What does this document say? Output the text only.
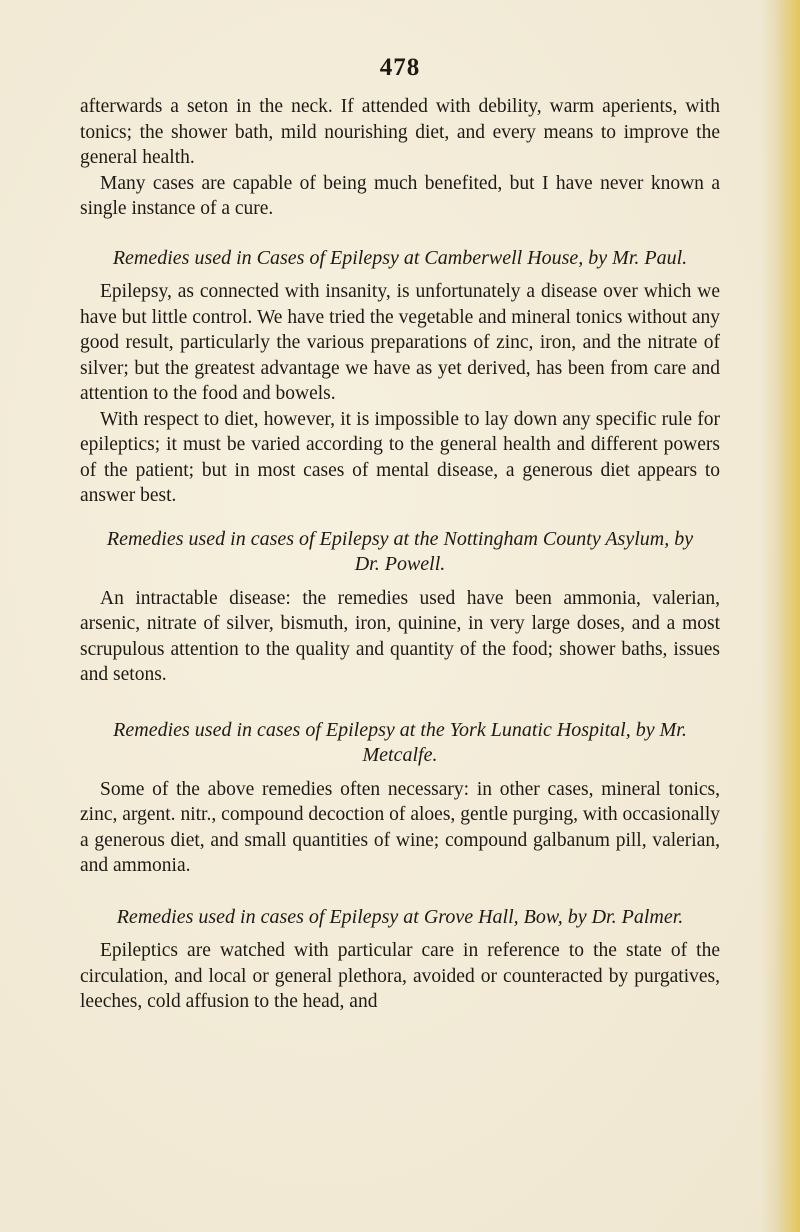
478

afterwards a seton in the neck. If attended with debility, warm aperients, with tonics; the shower bath, mild nourishing diet, and every means to improve the general health.

Many cases are capable of being much benefited, but I have never known a single instance of a cure.

Remedies used in Cases of Epilepsy at Camberwell House, by Mr. Paul.

Epilepsy, as connected with insanity, is unfortunately a disease over which we have but little control. We have tried the vegetable and mineral tonics without any good result, particularly the various preparations of zinc, iron, and the nitrate of silver; but the greatest advantage we have as yet derived, has been from care and attention to the food and bowels.

With respect to diet, however, it is impossible to lay down any specific rule for epileptics; it must be varied according to the general health and different powers of the patient; but in most cases of mental disease, a generous diet appears to answer best.

Remedies used in cases of Epilepsy at the Nottingham County Asylum, by Dr. Powell.

An intractable disease: the remedies used have been ammonia, valerian, arsenic, nitrate of silver, bismuth, iron, quinine, in very large doses, and a most scrupulous attention to the quality and quantity of the food; shower baths, issues and setons.

Remedies used in cases of Epilepsy at the York Lunatic Hospital, by Mr. Metcalfe.

Some of the above remedies often necessary: in other cases, mineral tonics, zinc, argent. nitr., compound decoction of aloes, gentle purging, with occasionally a generous diet, and small quantities of wine; compound galbanum pill, valerian, and ammonia.

Remedies used in cases of Epilepsy at Grove Hall, Bow, by Dr. Palmer.

Epileptics are watched with particular care in reference to the state of the circulation, and local or general plethora, avoided or counteracted by purgatives, leeches, cold affusion to the head, and
